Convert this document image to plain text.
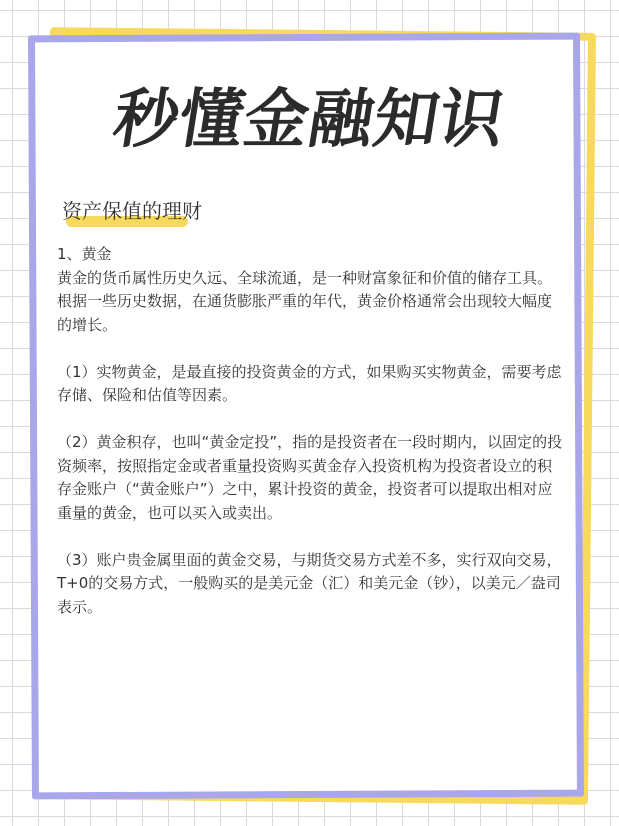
秒懂金融知识
资产保值的理财

1、黄金

黄金的货币属性历史久远、全球流通，是一种财富象征和价值的储存工具。根据一些历史数据，在通货膨胀严重的年代，黄金价格通常会出现较大幅度的增长。

（1）实物黄金，是最直接的投资黄金的方式，如果购买实物黄金，需要考虑存储、保险和估值等因素。

（2）黄金积存，也叫“黄金定投”，指的是投资者在一段时期内，以固定的投资频率，按照指定金或者重量投资购买黄金存入投资机构为投资者设立的积存金账户（“黄金账户”）之中，累计投资的黄金，投资者可以提取出相对应重量的黄金，也可以买入或卖出。

（3）账户贵金属里面的黄金交易，与期货交易方式差不多，实行双向交易，T+0的交易方式，一般购买的是美元金（汇）和美元金（钞），以美元／盎司表示。
